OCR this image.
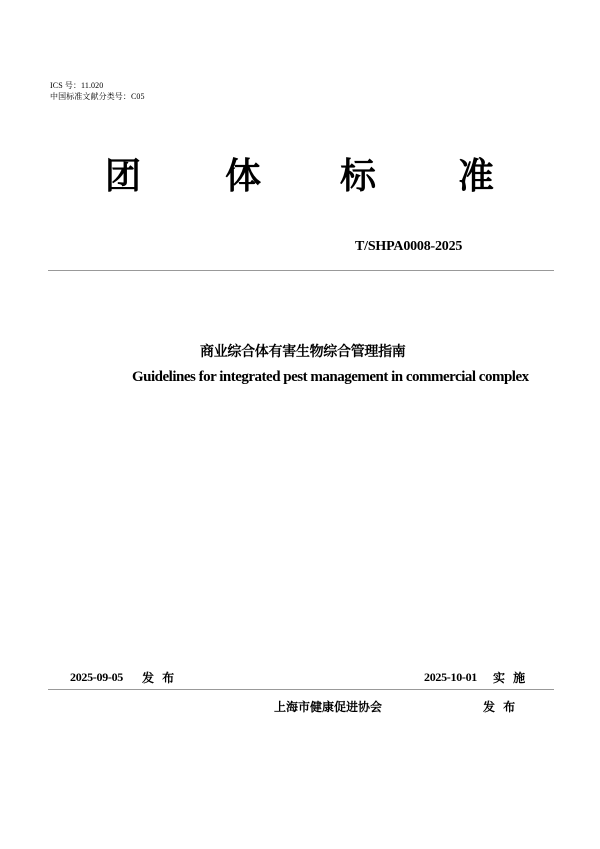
ICS 号：11.020
中国标准文献分类号：C05
团 体 标 准
T/SHPA0008-2025
商业综合体有害生物综合管理指南
Guidelines for integrated pest management in commercial complex
2025-09-05 发 布	2025-10-01 实 施
上海市健康促进协会	发 布
